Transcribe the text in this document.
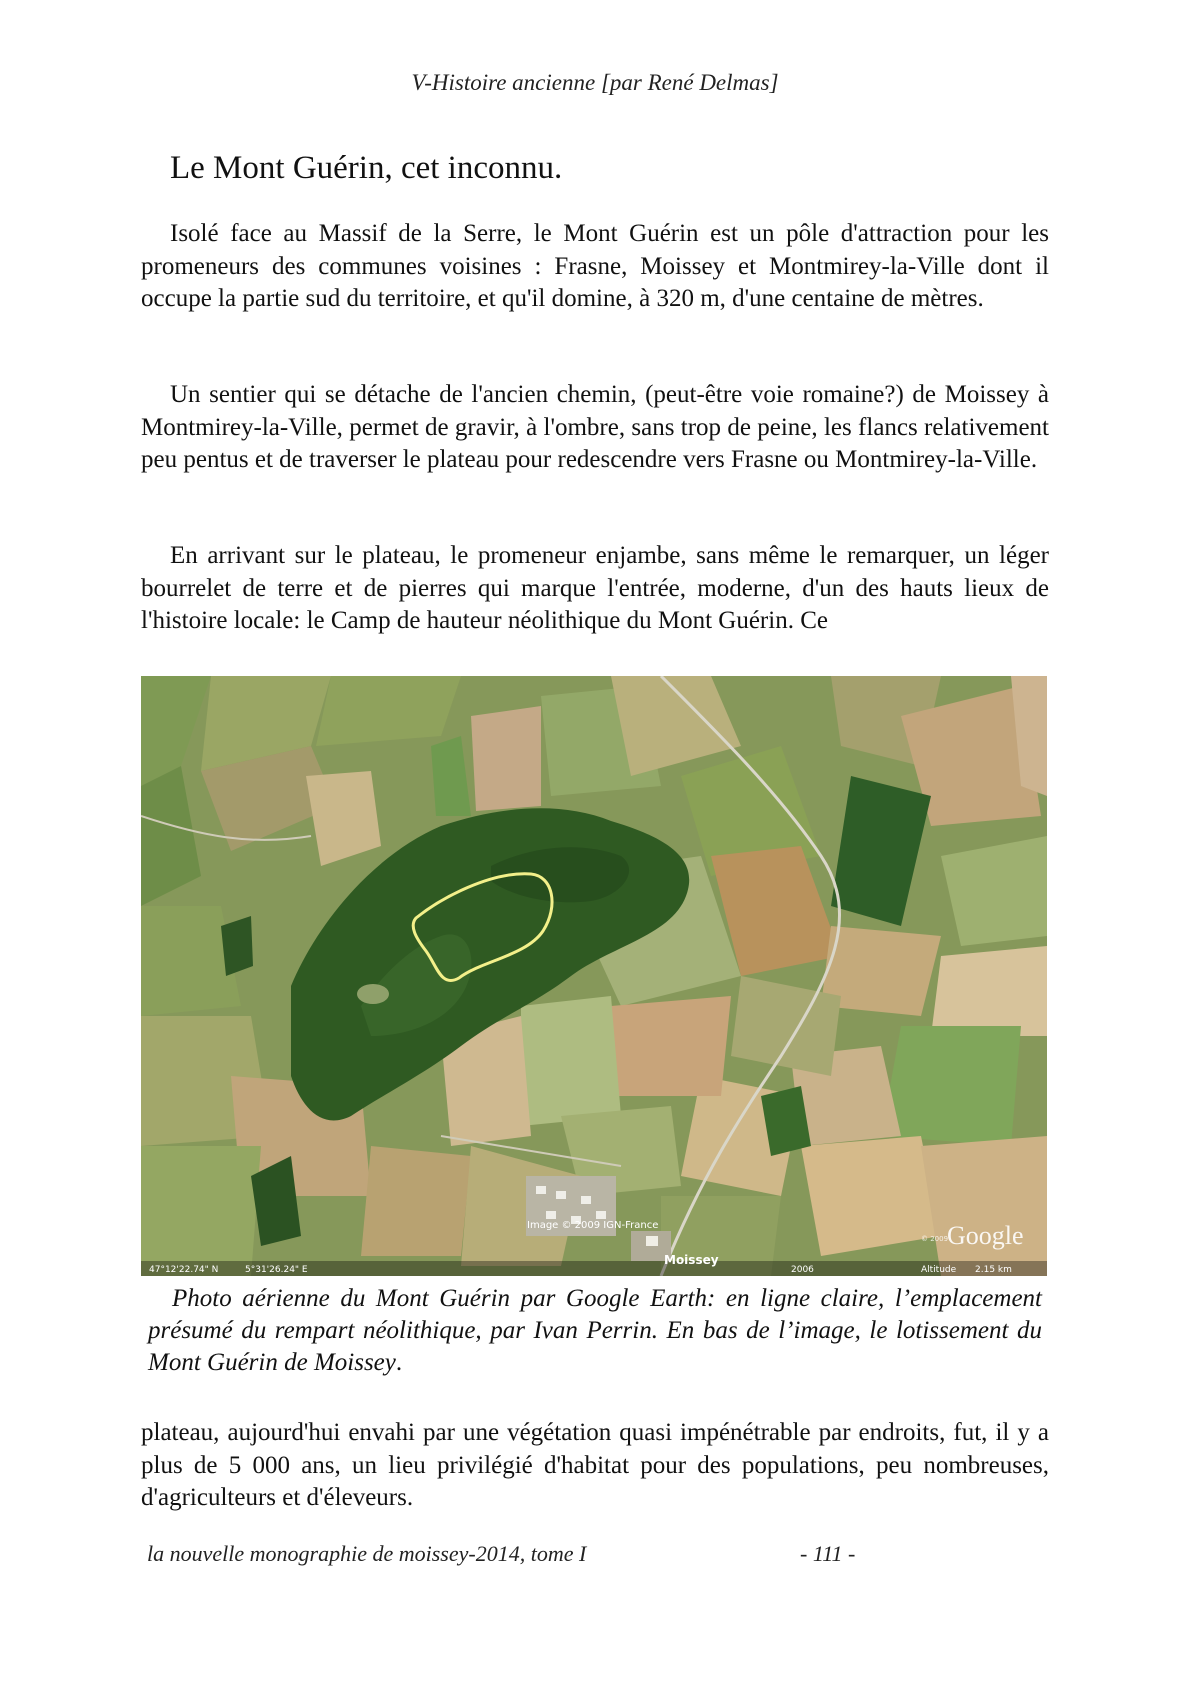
V-Histoire ancienne [par René Delmas]
Le Mont Guérin, cet inconnu.

Isolé face au Massif de la Serre, le Mont Guérin est un pôle d'attraction pour les promeneurs des communes voisines : Frasne, Moissey et Montmirey-la-Ville dont il occupe la partie sud du territoire, et qu'il domine, à 320 m, d'une centaine de mètres.

Un sentier qui se détache de l'ancien chemin, (peut-être voie romaine?) de Moissey à Montmirey-la-Ville, permet de gravir, à l'ombre, sans trop de peine, les flancs relativement peu pentus et de traverser le plateau pour redescendre vers Frasne ou Montmirey-la-Ville.

En arrivant sur le plateau, le promeneur enjambe, sans même le remarquer, un léger bourrelet de terre et de pierres qui marque l'entrée, moderne, d'un des hauts lieux de l'histoire locale: le Camp de hauteur néolithique du Mont Guérin. Ce

47°12'22.74" N	5°31'26.24" E
Image © 2009 IGN-France
Moissey
2006
© 2009
Google
Altitude 2.15 km

Photo aérienne du Mont Guérin par Google Earth: en ligne claire, l’emplacement présumé du rempart néolithique, par Ivan Perrin. En bas de l’image, le lotissement du Mont Guérin de Moissey.

plateau, aujourd'hui envahi par une végétation quasi impénétrable par endroits, fut, il y a plus de 5 000 ans, un lieu privilégié d'habitat pour des populations, peu nombreuses, d'agriculteurs et d'éleveurs.

la nouvelle monographie de moissey-2014, tome I	- 111 -
